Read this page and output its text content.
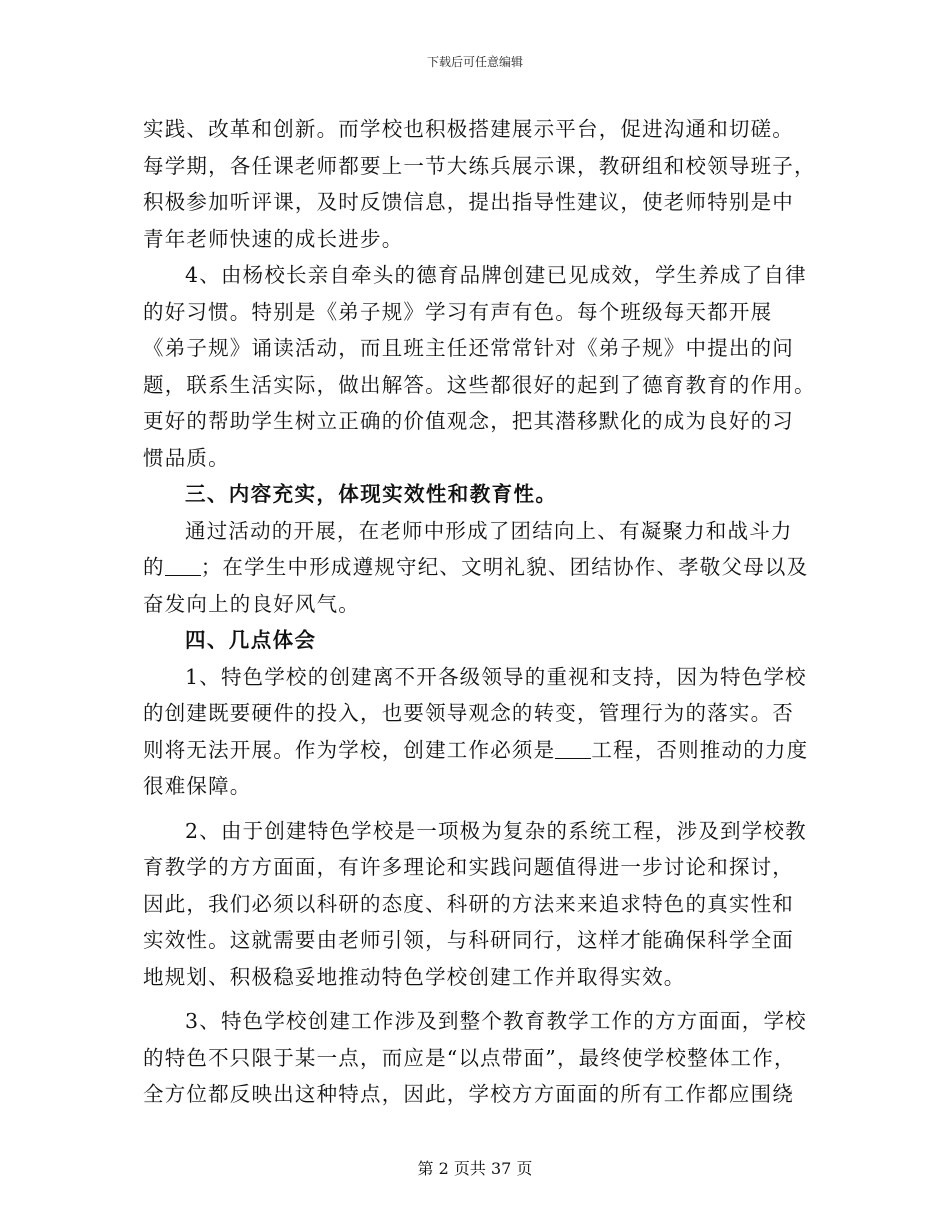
下载后可任意编辑
实践、改革和创新。而学校也积极搭建展示平台，促进沟通和切磋。
每学期，各任课老师都要上一节大练兵展示课，教研组和校领导班子，
积极参加听评课，及时反馈信息，提出指导性建议，使老师特别是中
青年老师快速的成长进步。
4、由杨校长亲自牵头的德育品牌创建已见成效，学生养成了自律
的好习惯。特别是《弟子规》学习有声有色。每个班级每天都开展
《弟子规》诵读活动，而且班主任还常常针对《弟子规》中提出的问
题，联系生活实际，做出解答。这些都很好的起到了德育教育的作用。
更好的帮助学生树立正确的价值观念，把其潜移默化的成为良好的习
惯品质。
三、内容充实，体现实效性和教育性。
通过活动的开展，在老师中形成了团结向上、有凝聚力和战斗力
的 ；在学生中形成遵规守纪、文明礼貌、团结协作、孝敬父母以及
奋发向上的良好风气。
四、几点体会
1、特色学校的创建离不开各级领导的重视和支持，因为特色学校
的创建既要硬件的投入，也要领导观念的转变，管理行为的落实。否
则将无法开展。作为学校，创建工作必须是 工程，否则推动的力度
很难保障。
2、由于创建特色学校是一项极为复杂的系统工程，涉及到学校教
育教学的方方面面，有许多理论和实践问题值得进一步讨论和探讨，
因此，我们必须以科研的态度、科研的方法来来追求特色的真实性和
实效性。这就需要由老师引领，与科研同行，这样才能确保科学全面
地规划、积极稳妥地推动特色学校创建工作并取得实效。
3、特色学校创建工作涉及到整个教育教学工作的方方面面，学校
的特色不只限于某一点，而应是“以点带面”，最终使学校整体工作，
全方位都反映出这种特点，因此，学校方方面面的所有工作都应围绕
第 2 页共 37 页
